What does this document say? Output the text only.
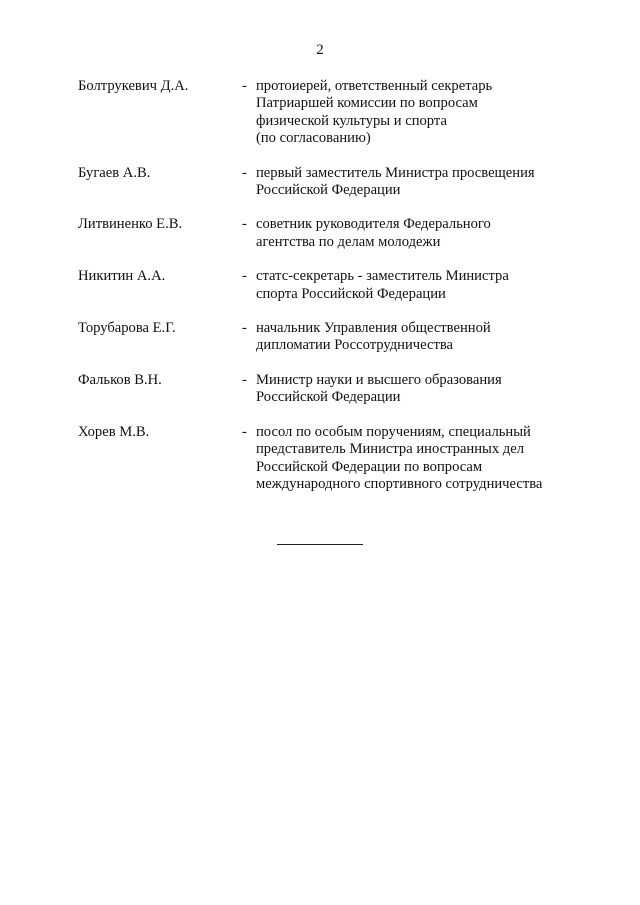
2
Болтрукевич Д.А.	- протоиерей, ответственный секретарь
Патриаршей комиссии по вопросам
физической культуры и спорта
(по согласованию)
Бугаев А.В.	- первый заместитель Министра просвещения
Российской Федерации
Литвиненко Е.В.	- советник руководителя Федерального
агентства по делам молодежи
Никитин А.А.	- статс-секретарь - заместитель Министра
спорта Российской Федерации
Торубарова Е.Г.	- начальник Управления общественной
дипломатии Россотрудничества
Фальков В.Н.	- Министр науки и высшего образования
Российской Федерации
Хорев М.В.	- посол по особым поручениям, специальный
представитель Министра иностранных дел
Российской Федерации по вопросам
международного спортивного сотрудничества
